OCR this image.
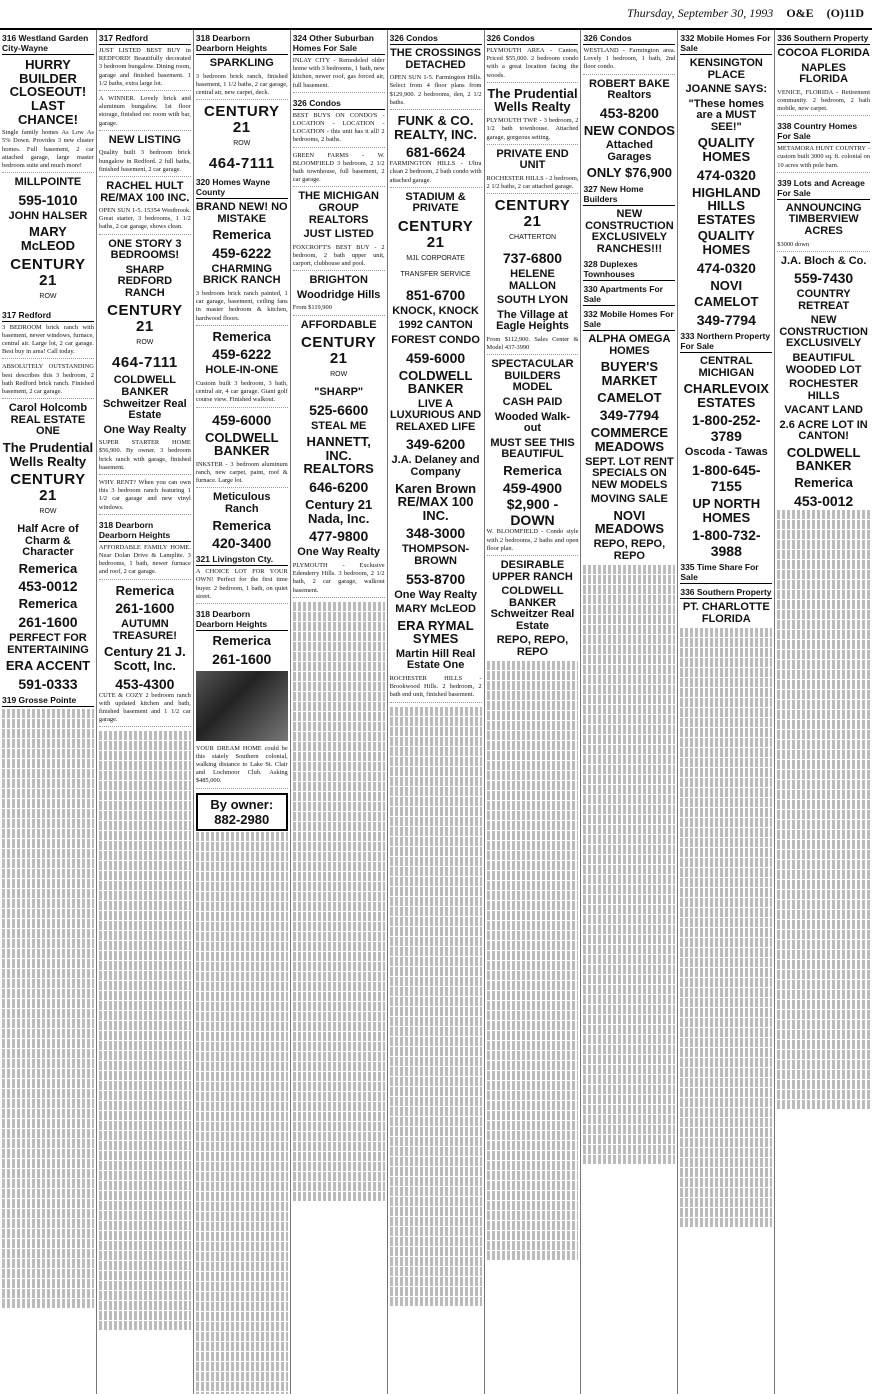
Thursday, September 30, 1993 O&E (O)11D
316 Westland Garden City-Wayne
HURRY BUILDER CLOSEOUT! LAST CHANCE!
Single family homes As Low As 5% Down. Provides 3 new cluster homes. Full basement, 2 car attached garage, large master bedroom suite and much more!
MILLPOINTE
595-1010
JOHN HALSER
MARY McLEOD
CENTURY 21
ROW
317 Redford
3 BEDROOM brick ranch with basement, newer windows, furnace, central air. Large lot, 2 car garage. Best buy in area! Call today.
ABSOLUTELY OUTSTANDING best describes this 3 bedroom, 2 bath Redford brick ranch. Finished basement, 2 car garage.
Carol Holcomb REAL ESTATE ONE
The Prudential Wells Realty
CENTURY 21
ROW
Half Acre of Charm & Character
Remerica
453-0012
Remerica
261-1600
PERFECT FOR ENTERTAINING
ERA ACCENT
591-0333
319 Grosse Pointe
317 Redford
JUST LISTED BEST BUY in REDFORD! Beautifully decorated 3 bedroom bungalow. Dining room, garage and finished basement. 1 1/2 baths, extra large lot.
A WINNER. Lovely brick and aluminum bungalow. 1st floor storage, finished rec room with bar, garage.
NEW LISTING
Quality built 3 bedroom brick bungalow in Redford. 2 full baths, finished basement, 2 car garage.
RACHEL HULT RE/MAX 100 INC.
OPEN SUN 1-5. 15354 Westbrook. Great starter, 3 bedrooms, 1 1/2 baths, 2 car garage, shows clean.
ONE STORY 3 BEDROOMS!
SHARP REDFORD RANCH
CENTURY 21
ROW
464-7111
COLDWELL BANKER Schweitzer Real Estate
One Way Realty
SUPER STARTER HOME $56,900. By owner. 3 bedroom brick ranch with garage, finished basement.
WHY RENT? When you can own this 3 bedroom ranch featuring 1 1/2 car garage and new vinyl windows.
318 Dearborn Dearborn Heights
AFFORDABLE FAMILY HOME. Near Dolan Drive & Lamplite. 3 bedrooms, 1 bath, newer furnace and roof, 2 car garage.
Remerica
261-1600
AUTUMN TREASURE!
Century 21 J. Scott, Inc.
453-4300
CUTE & COZY 2 bedroom ranch with updated kitchen and bath, finished basement and 1 1/2 car garage.
318 Dearborn Dearborn Heights
SPARKLING
3 bedroom brick ranch, finished basement, 1 1/2 baths, 2 car garage, central air, new carpet, deck.
CENTURY 21
ROW
464-7111
320 Homes Wayne County
BRAND NEW! NO MISTAKE
Remerica
459-6222
CHARMING BRICK RANCH
3 bedroom brick ranch painted, 1 car garage, basement, ceiling fans in master bedroom & kitchen, hardwood floors.
Remerica
459-6222
HOLE-IN-ONE
Custom built 3 bedroom, 3 bath, central air, 4 car garage. Giant golf course view. Finished walkout.
459-6000
COLDWELL BANKER
INKSTER - 3 bedroom aluminum ranch, new carpet, paint, roof & furnace. Large lot.
Meticulous Ranch
Remerica
420-3400
321 Livingston Cty.
A CHOICE LOT FOR YOUR OWN! Perfect for the first time buyer. 2 bedroom, 1 bath, on quiet street.
318 Dearborn Dearborn Heights
Remerica
261-1600
YOUR DREAM HOME could be this stately Southern colonial, walking distance to Lake St. Clair and Lochmoor Club. Asking $485,000.
By owner: 882-2980
324 Other Suburban Homes For Sale
INLAY CITY - Remodeled older home with 3 bedrooms, 1 bath, new kitchen, newer roof, gas forced air, full basement.
326 Condos
BEST BUYS ON CONDO'S - LOCATION - LOCATION - LOCATION - this unit has it all! 2 bedrooms, 2 baths.
GREEN FARMS - W. BLOOMFIELD 3 bedroom, 2 1/2 bath townhouse, full basement, 2 car garage.
THE MICHIGAN GROUP REALTORS
JUST LISTED
FOXCROFT'S BEST BUY - 2 bedroom, 2 bath upper unit, carport, clubhouse and pool.
BRIGHTON
Woodridge Hills
From $119,900
AFFORDABLE
CENTURY 21
ROW
"SHARP"
525-6600
STEAL ME
HANNETT, INC. REALTORS
646-6200
Century 21 Nada, Inc.
477-9800
One Way Realty
PLYMOUTH - Exclusive Edenderry Hills. 3 bedroom, 2 1/2 bath, 2 car garage, walkout basement.
326 Condos
THE CROSSINGS DETACHED
OPEN SUN 1-5. Farmington Hills. Select from 4 floor plans from $129,900. 2 bedrooms, den, 2 1/2 baths.
FUNK & CO. REALTY, INC.
681-6624
FARMINGTON HILLS - Ultra clean 2 bedroom, 2 bath condo with attached garage.
STADIUM & PRIVATE
CENTURY 21
MJL CORPORATE TRANSFER SERVICE
851-6700
KNOCK, KNOCK
1992 CANTON
FOREST CONDO
459-6000
COLDWELL BANKER
LIVE A LUXURIOUS AND RELAXED LIFE
349-6200
J.A. Delaney and Company
Karen Brown RE/MAX 100 INC.
348-3000
THOMPSON-BROWN
553-8700
One Way Realty
MARY McLEOD
ERA RYMAL SYMES
Martin Hill Real Estate One
ROCHESTER HILLS - Brookwood Hills. 2 bedroom, 2 bath end unit, finished basement.
326 Condos
PLYMOUTH AREA - Canton, Priced $55,000. 2 bedroom condo with a great location facing the woods.
The Prudential Wells Realty
PLYMOUTH TWP. - 3 bedroom, 2 1/2 bath townhouse. Attached garage, gorgeous setting.
PRIVATE END UNIT
ROCHESTER HILLS - 2 bedroom, 2 1/2 baths, 2 car attached garage.
CENTURY 21
CHATTERTON
737-6800
HELENE MALLON
SOUTH LYON
The Village at Eagle Heights
From $112,900. Sales Center & Model 437-3990
SPECTACULAR BUILDERS MODEL
CASH PAID
Wooded Walk-out
MUST SEE THIS BEAUTIFUL
Remerica
459-4900
$2,900 - DOWN
W. BLOOMFIELD - Condo style with 2 bedrooms, 2 baths and open floor plan.
DESIRABLE UPPER RANCH
COLDWELL BANKER Schweitzer Real Estate
REPO, REPO, REPO
326 Condos
WESTLAND - Farmington area. Lovely 1 bedroom, 1 bath, 2nd floor condo.
ROBERT BAKE Realtors
453-8200
NEW CONDOS
Attached Garages
ONLY $76,900
327 New Home Builders
NEW CONSTRUCTION EXCLUSIVELY RANCHES!!!
328 Duplexes Townhouses
330 Apartments For Sale
332 Mobile Homes For Sale
ALPHA OMEGA HOMES
BUYER'S MARKET
CAMELOT
349-7794
COMMERCE MEADOWS
SEPT. LOT RENT SPECIALS ON NEW MODELS
MOVING SALE
NOVI MEADOWS
REPO, REPO, REPO
332 Mobile Homes For Sale
KENSINGTON PLACE
JOANNE SAYS:
"These homes are a MUST SEE!"
QUALITY HOMES
474-0320
HIGHLAND HILLS ESTATES
QUALITY HOMES
474-0320
NOVI
CAMELOT
349-7794
333 Northern Property For Sale
CENTRAL MICHIGAN
CHARLEVOIX ESTATES
1-800-252-3789
Oscoda - Tawas
1-800-645-7155
UP NORTH HOMES
1-800-732-3988
335 Time Share For Sale
336 Southern Property
PT. CHARLOTTE FLORIDA
336 Southern Property
COCOA FLORIDA
NAPLES FLORIDA
VENICE, FLORIDA - Retirement community. 2 bedroom, 2 bath mobile, new carpet.
338 Country Homes For Sale
METAMORA HUNT COUNTRY - custom built 3000 sq. ft. colonial on 10 acres with pole barn.
339 Lots and Acreage For Sale
ANNOUNCING TIMBERVIEW ACRES
$3000 down
J.A. Bloch & Co.
559-7430
COUNTRY RETREAT
NEW CONSTRUCTION EXCLUSIVELY
BEAUTIFUL WOODED LOT
ROCHESTER HILLS
VACANT LAND
2.6 ACRE LOT IN CANTON!
COLDWELL BANKER
Remerica
453-0012
